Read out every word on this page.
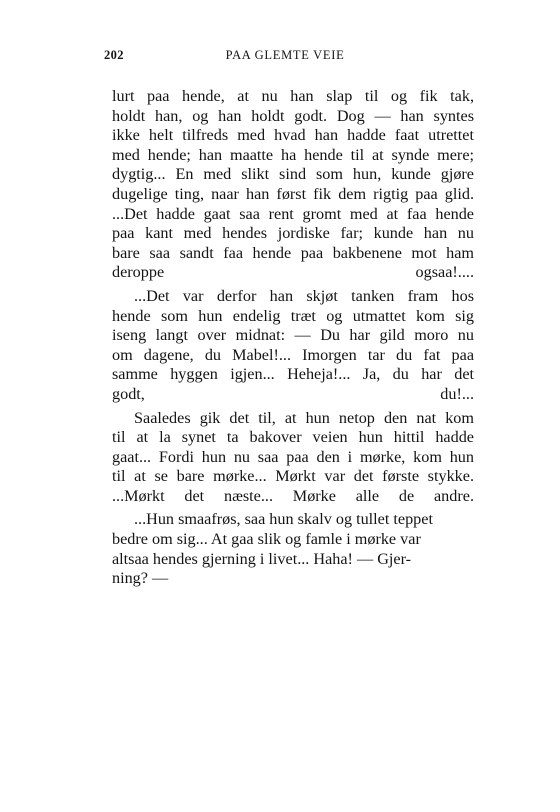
202	PAA GLEMTE VEIE

lurt paa hende, at nu han slap til og fik tak,
holdt han, og han holdt godt. Dog — han syntes
ikke helt tilfreds med hvad han hadde faat utrettet
med hende; han maatte ha hende til at synde mere;
dygtig... En med slikt sind som hun, kunde gjøre
dugelige ting, naar han først fik dem rigtig paa glid.
...Det hadde gaat saa rent gromt med at faa hende
paa kant med hendes jordiske far; kunde han nu
bare saa sandt faa hende paa bakbenene mot ham
deroppe ogsaa!....

...Det var derfor han skjøt tanken fram hos
hende som hun endelig træt og utmattet kom sig
iseng langt over midnat: — Du har gild moro nu
om dagene, du Mabel!... Imorgen tar du fat paa
samme hyggen igjen... Heheja!... Ja, du har det
godt, du!...

Saaledes gik det til, at hun netop den nat kom
til at la synet ta bakover veien hun hittil hadde
gaat... Fordi hun nu saa paa den i mørke, kom hun
til at se bare mørke... Mørkt var det første stykke.
...Mørkt det næste... Mørke alle de andre.

...Hun smaafrøs, saa hun skalv og tullet teppet
bedre om sig... At gaa slik og famle i mørke var
altsaa hendes gjerning i livet... Haha! — Gjer-
ning? —
